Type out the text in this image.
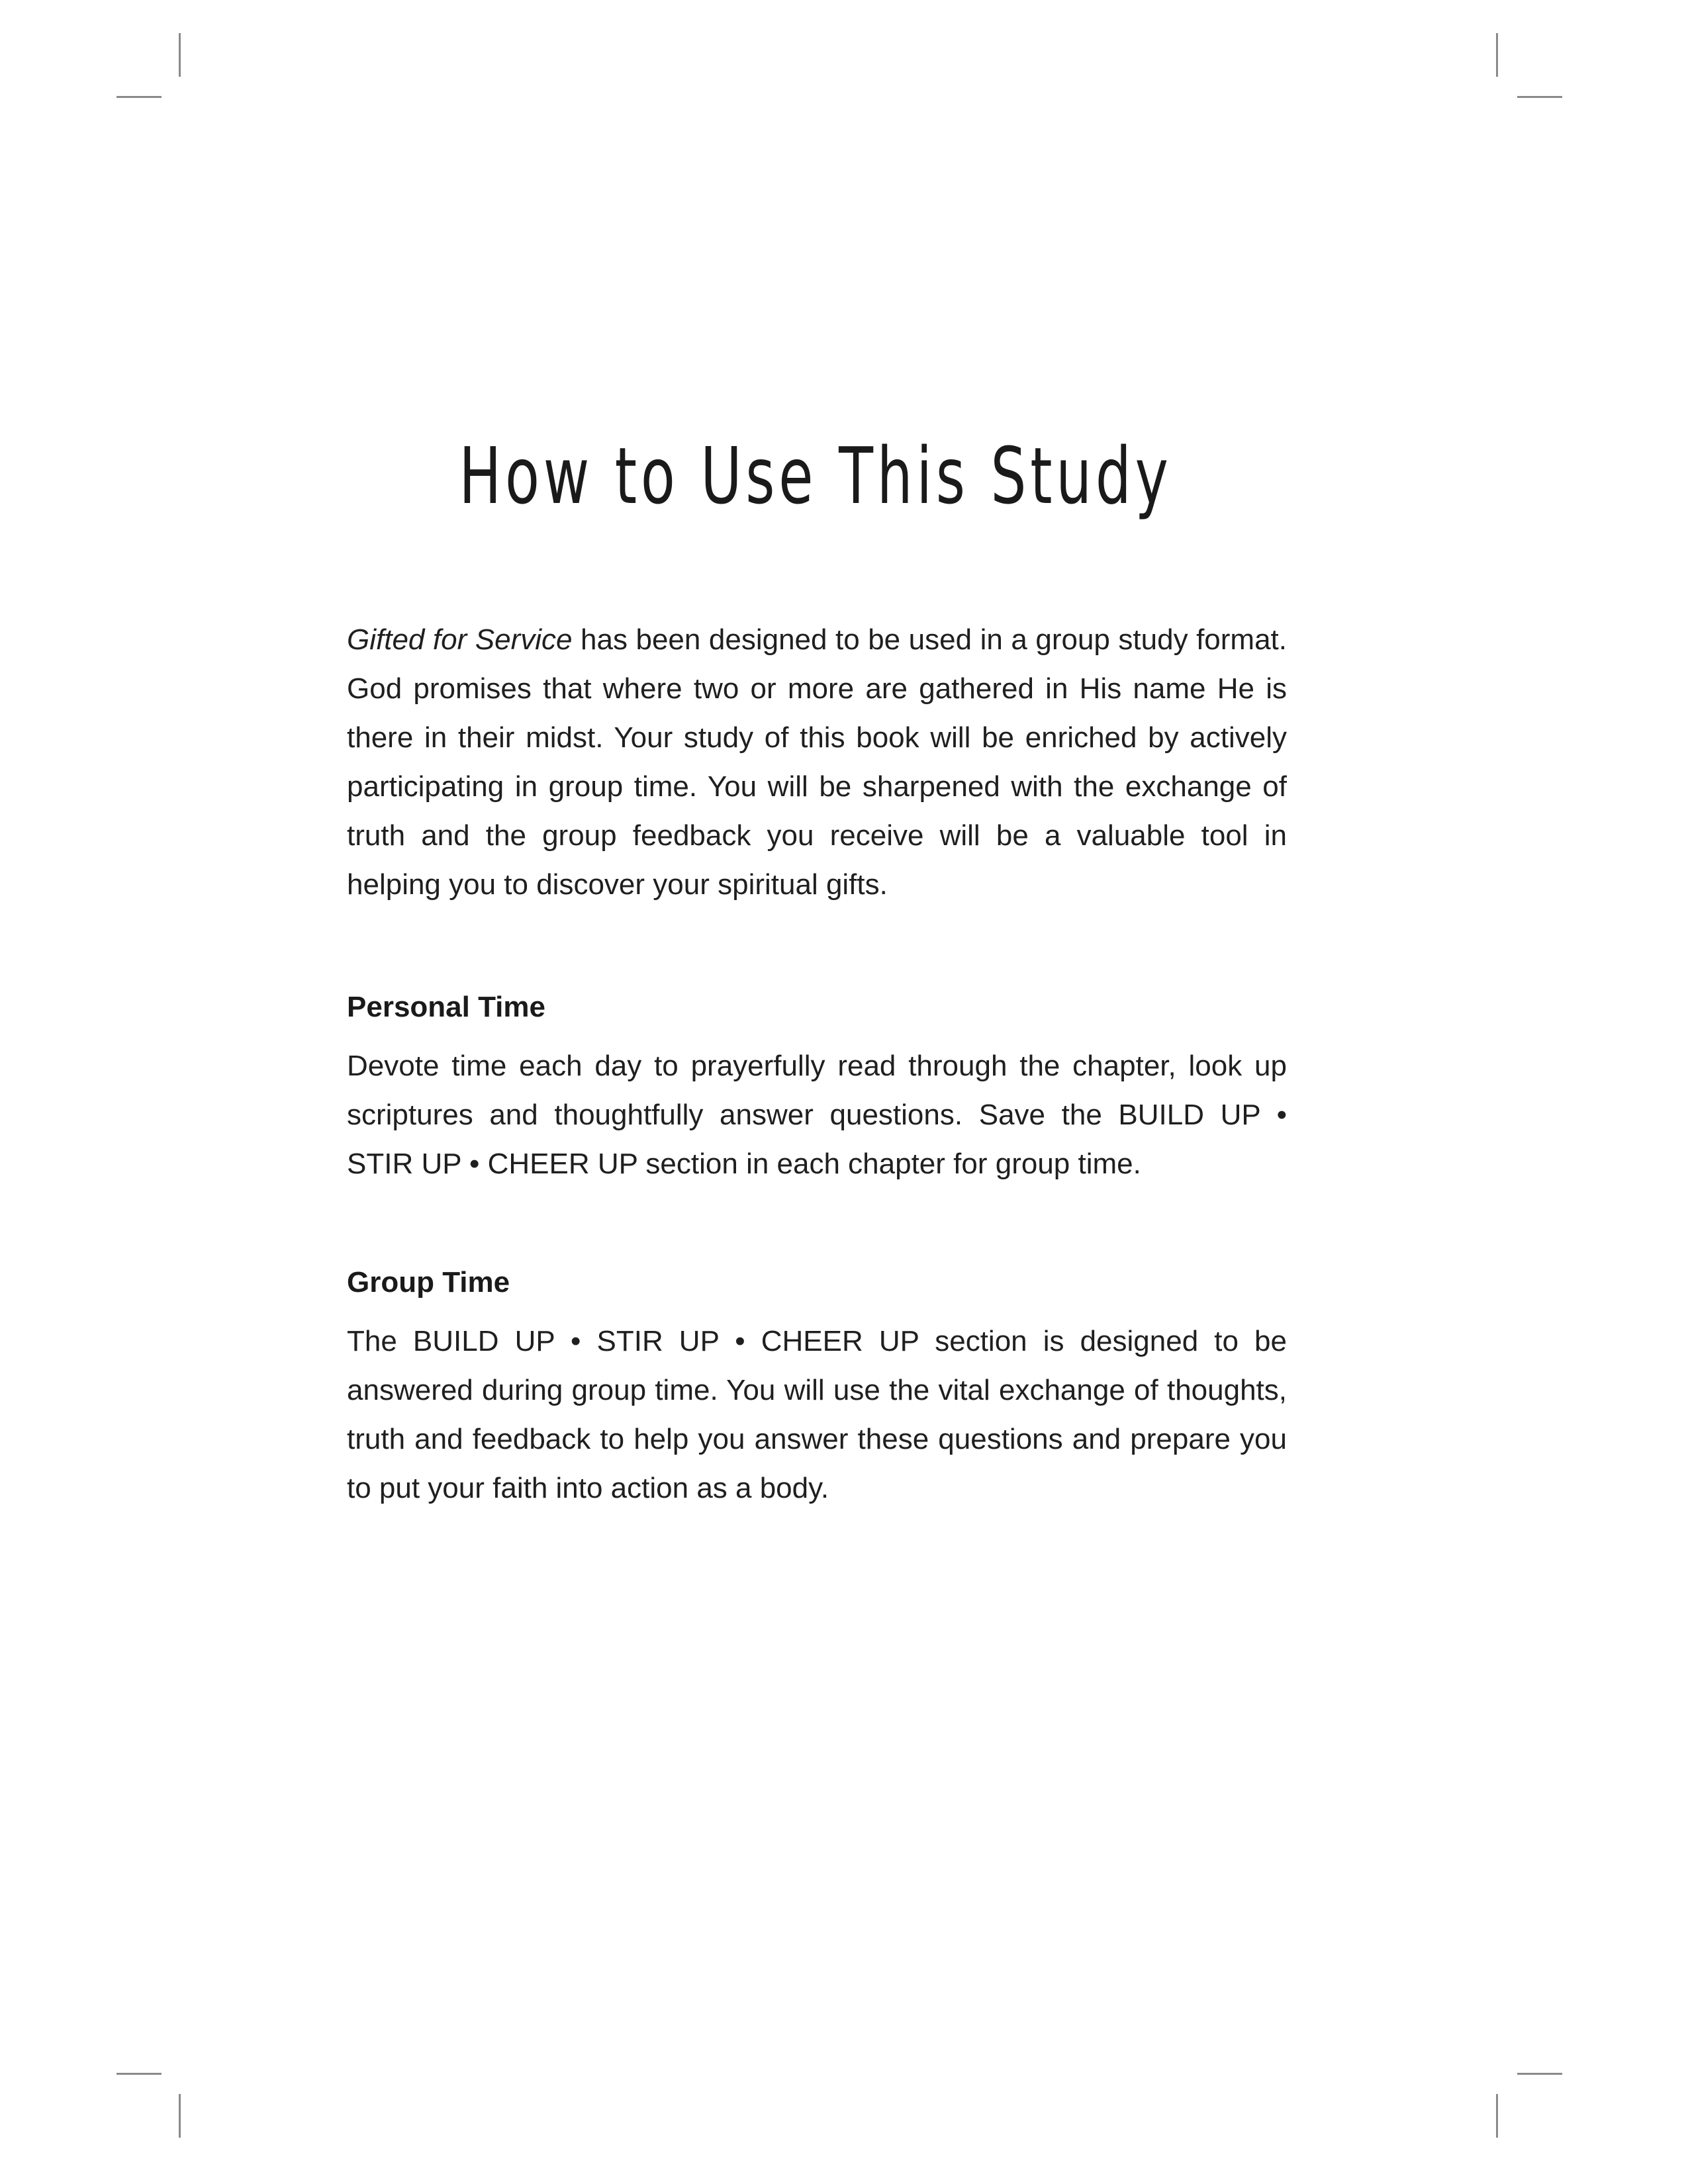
How to Use This Study

Gifted for Service has been designed to be used in a group study format. God promises that where two or more are gathered in His name He is there in their midst. Your study of this book will be enriched by actively participating in group time. You will be sharpened with the exchange of truth and the group feedback you receive will be a valuable tool in helping you to discover your spiritual gifts.

Personal Time

Devote time each day to prayerfully read through the chapter, look up scriptures and thoughtfully answer questions. Save the BUILD UP • STIR UP • CHEER UP section in each chapter for group time.

Group Time

The BUILD UP • STIR UP • CHEER UP section is designed to be answered during group time. You will use the vital exchange of thoughts, truth and feedback to help you answer these questions and prepare you to put your faith into action as a body.
